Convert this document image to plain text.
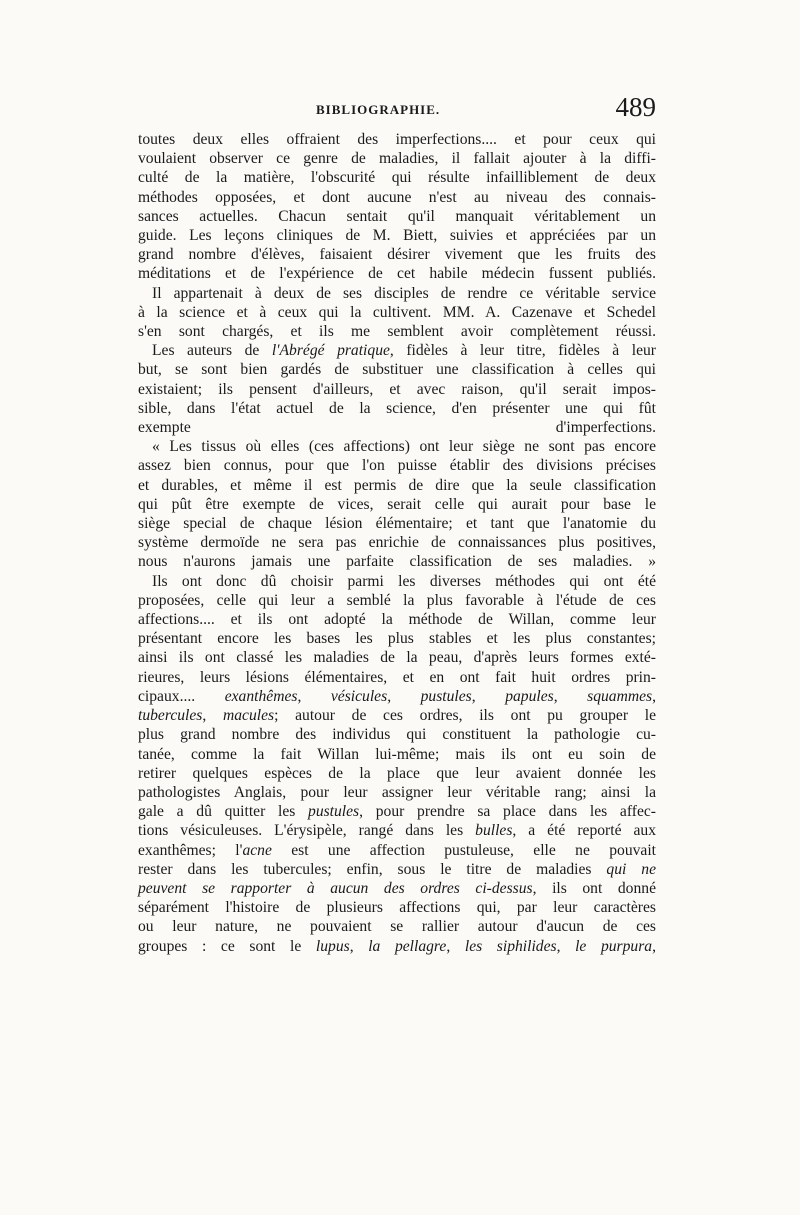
BIBLIOGRAPHIE.	489

toutes deux elles offraient des imperfections.... et pour ceux qui
voulaient observer ce genre de maladies, il fallait ajouter à la diffi-
culté de la matière, l'obscurité qui résulte infailliblement de deux
méthodes opposées, et dont aucune n'est au niveau des connais-
sances actuelles. Chacun sentait qu'il manquait véritablement un
guide. Les leçons cliniques de M. Biett, suivies et appréciées par un
grand nombre d'élèves, faisaient désirer vivement que les fruits des
méditations et de l'expérience de cet habile médecin fussent publiés.

Il appartenait à deux de ses disciples de rendre ce véritable service
à la science et à ceux qui la cultivent. MM. A. Cazenave et Schedel
s'en sont chargés, et ils me semblent avoir complètement réussi.

Les auteurs de l'Abrégé pratique, fidèles à leur titre, fidèles à leur
but, se sont bien gardés de substituer une classification à celles qui
existaient; ils pensent d'ailleurs, et avec raison, qu'il serait impos-
sible, dans l'état actuel de la science, d'en présenter une qui fût
exempte d'imperfections.

« Les tissus où elles (ces affections) ont leur siège ne sont pas encore
assez bien connus, pour que l'on puisse établir des divisions précises
et durables, et même il est permis de dire que la seule classification
qui pût être exempte de vices, serait celle qui aurait pour base le
siège special de chaque lésion élémentaire; et tant que l'anatomie du
système dermoïde ne sera pas enrichie de connaissances plus positives,
nous n'aurons jamais une parfaite classification de ses maladies. »

Ils ont donc dû choisir parmi les diverses méthodes qui ont été
proposées, celle qui leur a semblé la plus favorable à l'étude de ces
affections.... et ils ont adopté la méthode de Willan, comme leur
présentant encore les bases les plus stables et les plus constantes;
ainsi ils ont classé les maladies de la peau, d'après leurs formes exté-
rieures, leurs lésions élémentaires, et en ont fait huit ordres prin-
cipaux.... exanthêmes, vésicules, pustules, papules, squammes,
tubercules, macules; autour de ces ordres, ils ont pu grouper le
plus grand nombre des individus qui constituent la pathologie cu-
tanée, comme la fait Willan lui-même; mais ils ont eu soin de
retirer quelques espèces de la place que leur avaient donnée les
pathologistes Anglais, pour leur assigner leur véritable rang; ainsi la
gale a dû quitter les pustules, pour prendre sa place dans les affec-
tions vésiculeuses. L'érysipèle, rangé dans les bulles, a été reporté aux
exanthêmes; l'acne est une affection pustuleuse, elle ne pouvait
rester dans les tubercules; enfin, sous le titre de maladies qui ne
peuvent se rapporter à aucun des ordres ci-dessus, ils ont donné
séparément l'histoire de plusieurs affections qui, par leur caractères
ou leur nature, ne pouvaient se rallier autour d'aucun de ces
groupes : ce sont le lupus, la pellagre, les siphilides, le purpura,
